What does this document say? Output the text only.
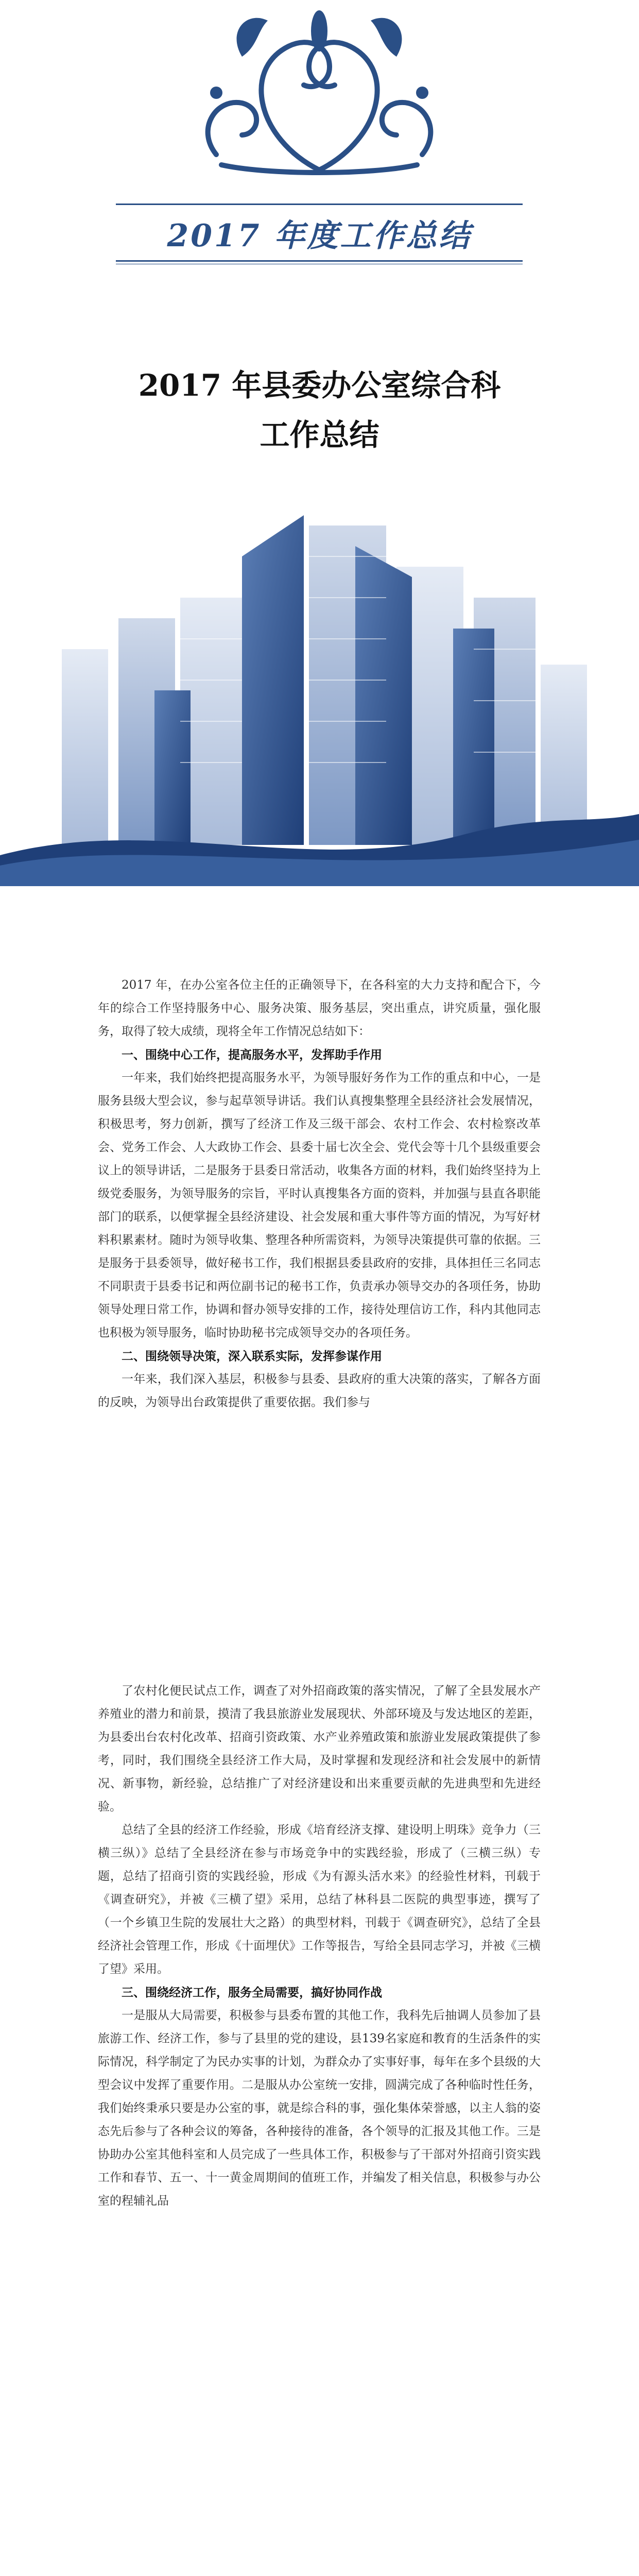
2017 年度工作总结
2017 年县委办公室综合科
工作总结

2017 年，在办公室各位主任的正确领导下，在各科室的大力支持和配合下，今年的综合工作坚持服务中心、服务决策、服务基层，突出重点，讲究质量，强化服务，取得了较大成绩，现将全年工作情况总结如下：

一、围绕中心工作，提高服务水平，发挥助手作用

一年来，我们始终把提高服务水平，为领导服好务作为工作的重点和中心，一是服务县级大型会议，参与起草领导讲话。我们认真搜集整理全县经济社会发展情况，积极思考，努力创新，撰写了经济工作及三级干部会、农村工作会、农村检察改革会、党务工作会、人大政协工作会、县委十届七次全会、党代会等十几个县级重要会议上的领导讲话，二是服务于县委日常活动，收集各方面的材料，我们始终坚持为上级党委服务，为领导服务的宗旨，平时认真搜集各方面的资料，并加强与县直各职能部门的联系，以便掌握全县经济建设、社会发展和重大事件等方面的情况，为写好材料积累素材。随时为领导收集、整理各种所需资料，为领导决策提供可靠的依据。三是服务于县委领导，做好秘书工作，我们根据县委县政府的安排，具体担任三名同志不同职责于县委书记和两位副书记的秘书工作，负责承办领导交办的各项任务，协助领导处理日常工作，协调和督办领导安排的工作，接待处理信访工作，科内其他同志也积极为领导服务，临时协助秘书完成领导交办的各项任务。

二、围绕领导决策，深入联系实际，发挥参谋作用

一年来，我们深入基层，积极参与县委、县政府的重大决策的落实，了解各方面的反映，为领导出台政策提供了重要依据。我们参与

了农村化便民试点工作，调查了对外招商政策的落实情况，了解了全县发展水产养殖业的潜力和前景，摸清了我县旅游业发展现状、外部环境及与发达地区的差距，为县委出台农村化改革、招商引资政策、水产业养殖政策和旅游业发展政策提供了参考，同时，我们围绕全县经济工作大局，及时掌握和发现经济和社会发展中的新情况、新事物，新经验，总结推广了对经济建设和出来重要贡献的先进典型和先进经验。

总结了全县的经济工作经验，形成《培育经济支撑、建设明上明珠》竞争力（三横三纵）》总结了全县经济在参与市场竞争中的实践经验，形成了（三横三纵）专题，总结了招商引资的实践经验，形成《为有源头活水来》的经验性材料，刊载于《调查研究》，并被《三横了望》采用，总结了林科县二医院的典型事迹，撰写了（一个乡镇卫生院的发展壮大之路）的典型材料，刊载于《调查研究》，总结了全县经济社会管理工作，形成《十面埋伏》工作等报告，写给全县同志学习，并被《三横了望》采用。

三、围绕经济工作，服务全局需要，搞好协同作战

一是服从大局需要，积极参与县委布置的其他工作，我科先后抽调人员参加了县旅游工作、经济工作，参与了县里的党的建设，县139名家庭和教育的生活条件的实际情况，科学制定了为民办实事的计划，为群众办了实事好事，每年在多个县级的大型会议中发挥了重要作用。二是服从办公室统一安排，圆满完成了各种临时性任务，我们始终秉承只要是办公室的事，就是综合科的事，强化集体荣誉感，以主人翁的姿态先后参与了各种会议的筹备，各种接待的准备，各个领导的汇报及其他工作。三是协助办公室其他科室和人员完成了一些具体工作，积极参与了干部对外招商引资实践工作和春节、五一、十一黄金周期间的值班工作，并编发了相关信息，积极参与办公室的程辅礼品
